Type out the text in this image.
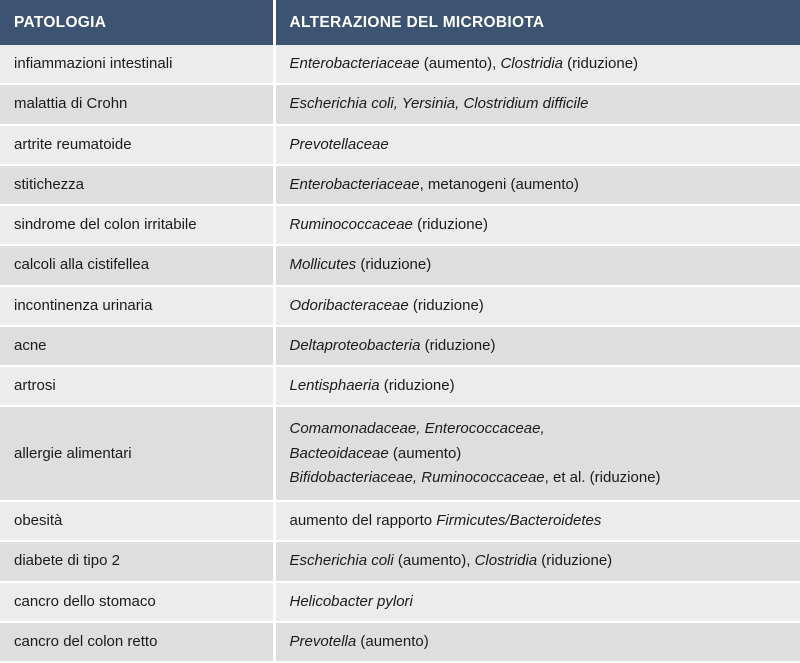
PATOLOGIA	ALTERAZIONE DEL MICROBIOTA
infiammazioni intestinali	Enterobacteriaceae (aumento), Clostridia (riduzione)
malattia di Crohn	Escherichia coli, Yersinia, Clostridium difficile
artrite reumatoide	Prevotellaceae
stitichezza	Enterobacteriaceae, metanogeni (aumento)
sindrome del colon irritabile	Ruminococcaceae (riduzione)
calcoli alla cistifellea	Mollicutes (riduzione)
incontinenza urinaria	Odoribacteraceae (riduzione)
acne	Deltaproteobacteria (riduzione)
artrosi	Lentisphaeria (riduzione)
allergie alimentari	Comamonadaceae, Enterococcaceae,
Bacteoidaceae (aumento)
Bifidobacteriaceae, Ruminococcaceae, et al. (riduzione)

obesità	aumento del rapporto Firmicutes/Bacteroidetes
diabete di tipo 2	Escherichia coli (aumento), Clostridia (riduzione)
cancro dello stomaco	Helicobacter pylori
cancro del colon retto	Prevotella (aumento)
